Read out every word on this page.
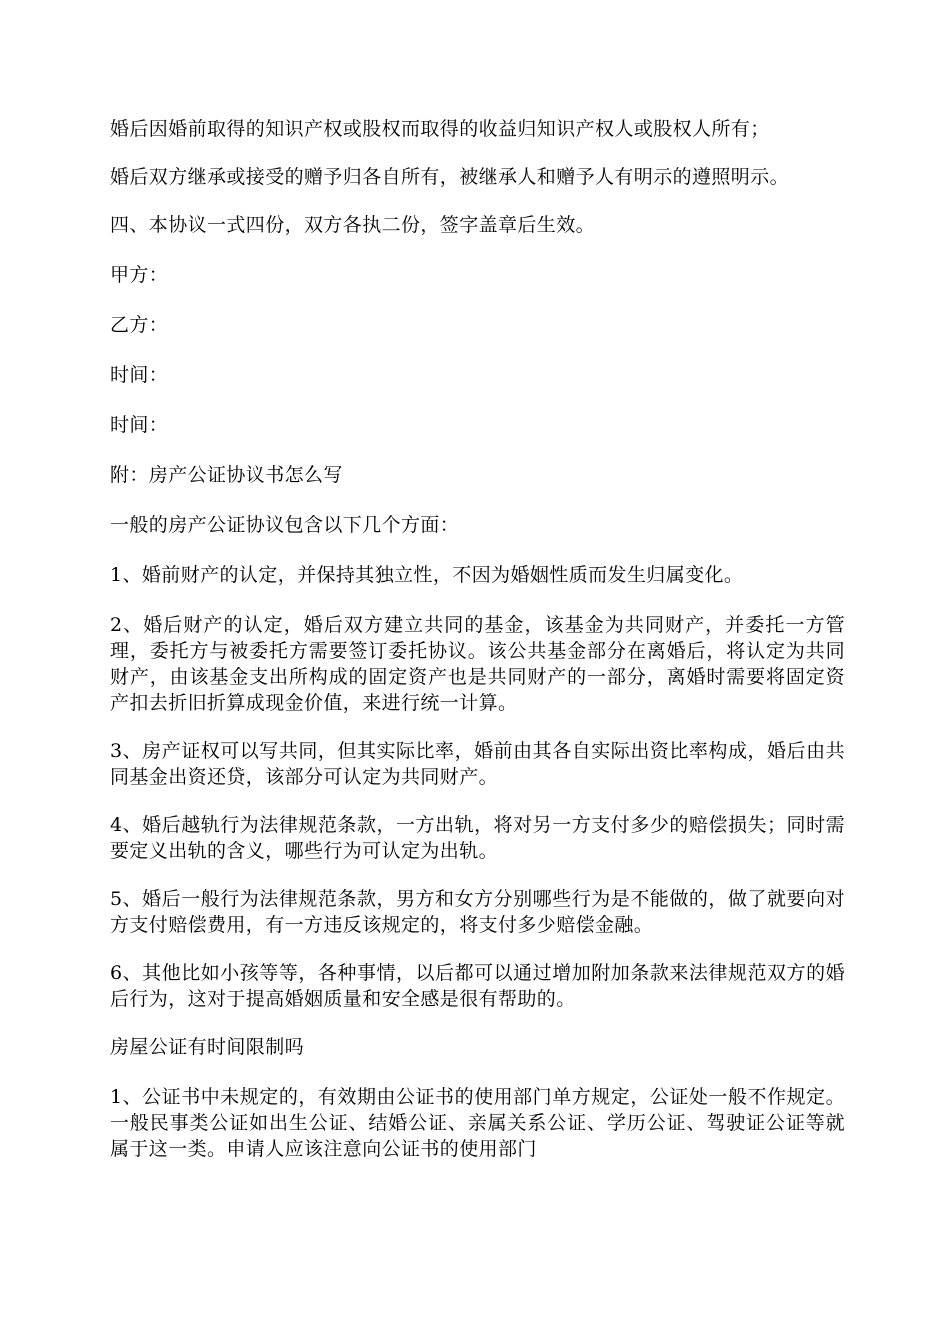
婚后因婚前取得的知识产权或股权而取得的收益归知识产权人或股权人所有；

婚后双方继承或接受的赠予归各自所有，被继承人和赠予人有明示的遵照明示。

四、本协议一式四份，双方各执二份，签字盖章后生效。

甲方：

乙方：

时间：

时间：

附：房产公证协议书怎么写

一般的房产公证协议包含以下几个方面：

1、婚前财产的认定，并保持其独立性，不因为婚姻性质而发生归属变化。

2、婚后财产的认定，婚后双方建立共同的基金，该基金为共同财产，并委托一方管理，委托方与被委托方需要签订委托协议。该公共基金部分在离婚后，将认定为共同财产，由该基金支出所构成的固定资产也是共同财产的一部分，离婚时需要将固定资产扣去折旧折算成现金价值，来进行统一计算。

3、房产证权可以写共同，但其实际比率，婚前由其各自实际出资比率构成，婚后由共同基金出资还贷，该部分可认定为共同财产。

4、婚后越轨行为法律规范条款，一方出轨，将对另一方支付多少的赔偿损失；同时需要定义出轨的含义，哪些行为可认定为出轨。

5、婚后一般行为法律规范条款，男方和女方分别哪些行为是不能做的，做了就要向对方支付赔偿费用，有一方违反该规定的，将支付多少赔偿金融。

6、其他比如小孩等等，各种事情，以后都可以通过增加附加条款来法律规范双方的婚后行为，这对于提高婚姻质量和安全感是很有帮助的。

房屋公证有时间限制吗

1、公证书中未规定的，有效期由公证书的使用部门单方规定，公证处一般不作规定。一般民事类公证如出生公证、结婚公证、亲属关系公证、学历公证、驾驶证公证等就属于这一类。申请人应该注意向公证书的使用部门
